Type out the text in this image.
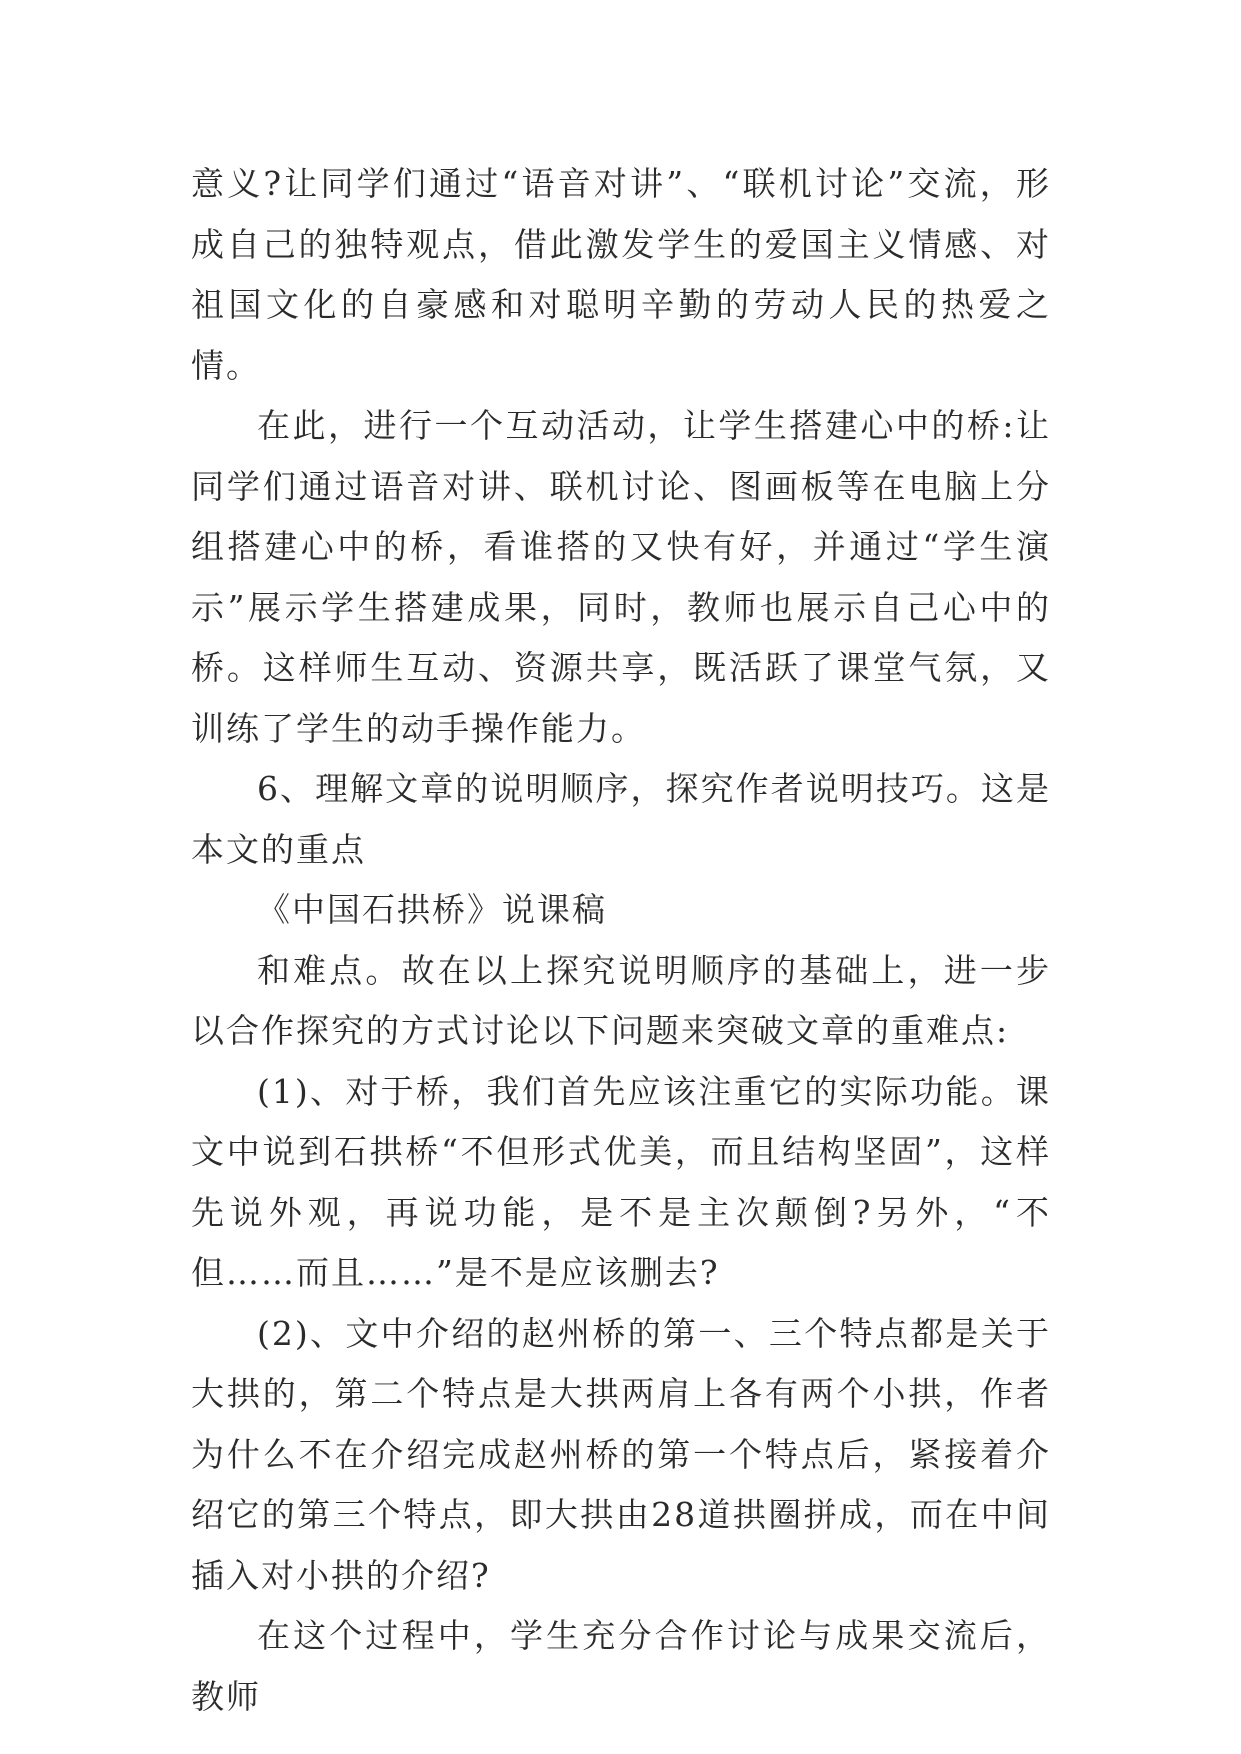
意义?让同学们通过“语音对讲”、“联机讨论”交流，形成自己的独特观点，借此激发学生的爱国主义情感、对祖国文化的自豪感和对聪明辛勤的劳动人民的热爱之情。

在此，进行一个互动活动，让学生搭建心中的桥:让同学们通过语音对讲、联机讨论、图画板等在电脑上分组搭建心中的桥，看谁搭的又快有好，并通过“学生演示”展示学生搭建成果，同时，教师也展示自己心中的桥。这样师生互动、资源共享，既活跃了课堂气氛，又训练了学生的动手操作能力。

6、理解文章的说明顺序，探究作者说明技巧。这是本文的重点

《中国石拱桥》说课稿

和难点。故在以上探究说明顺序的基础上，进一步以合作探究的方式讨论以下问题来突破文章的重难点:

(1)、对于桥，我们首先应该注重它的实际功能。课文中说到石拱桥“不但形式优美，而且结构坚固”，这样先说外观，再说功能，是不是主次颠倒?另外，“不但……而且……”是不是应该删去?

(2)、文中介绍的赵州桥的第一、三个特点都是关于大拱的，第二个特点是大拱两肩上各有两个小拱，作者为什么不在介绍完成赵州桥的第一个特点后，紧接着介绍它的第三个特点，即大拱由28道拱圈拼成，而在中间插入对小拱的介绍?

在这个过程中，学生充分合作讨论与成果交流后，教师
